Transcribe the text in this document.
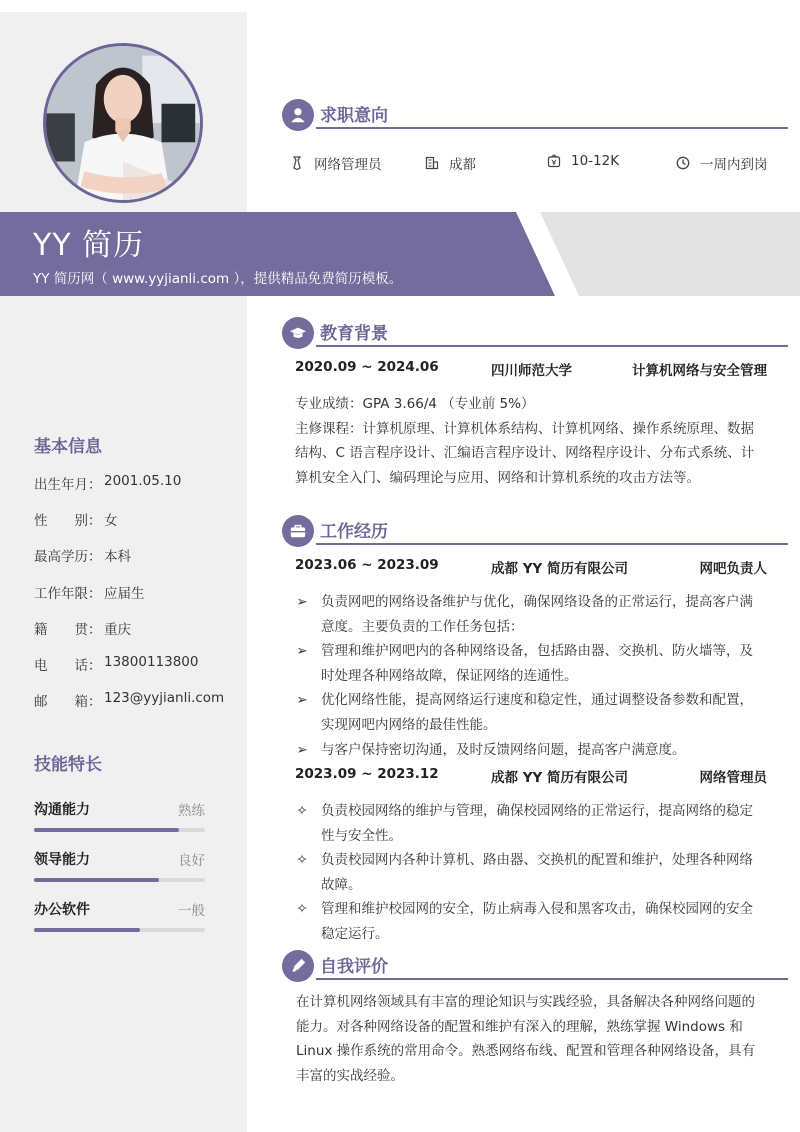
YY 简历
YY 简历网（ www.yyjianli.com ），提供精品免费简历模板。
求职意向
网络管理员	成都	10-12K	一周内到岗
教育背景
2020.09 ~ 2024.06	四川师范大学	计算机网络与安全管理
专业成绩：GPA 3.66/4 （专业前 5%）
主修课程：计算机原理、计算机体系结构、计算机网络、操作系统原理、数据
结构、C 语言程序设计、汇编语言程序设计、网络程序设计、分布式系统、计
算机安全入门、编码理论与应用、网络和计算机系统的攻击方法等。
工作经历
2023.06 ~ 2023.09	成都 YY 简历有限公司	网吧负责人
➢ 负责网吧的网络设备维护与优化，确保网络设备的正常运行，提高客户满
意度。主要负责的工作任务包括：
➢ 管理和维护网吧内的各种网络设备，包括路由器、交换机、防火墙等，及
时处理各种网络故障，保证网络的连通性。
➢ 优化网络性能，提高网络运行速度和稳定性，通过调整设备参数和配置，
实现网吧内网络的最佳性能。
➢ 与客户保持密切沟通，及时反馈网络问题，提高客户满意度。
2023.09 ~ 2023.12	成都 YY 简历有限公司	网络管理员
✧ 负责校园网络的维护与管理，确保校园网络的正常运行，提高网络的稳定
性与安全性。
✧ 负责校园网内各种计算机、路由器、交换机的配置和维护，处理各种网络
故障。
✧ 管理和维护校园网的安全，防止病毒入侵和黑客攻击，确保校园网的安全
稳定运行。
自我评价
在计算机网络领域具有丰富的理论知识与实践经验，具备解决各种网络问题的
能力。对各种网络设备的配置和维护有深入的理解，熟练掌握 Windows 和
Linux 操作系统的常用命令。熟悉网络布线、配置和管理各种网络设备，具有
丰富的实战经验。
基本信息
出生年月： 2001.05.10
性　　别： 女
最高学历： 本科
工作年限： 应届生
籍　　贯： 重庆
电　　话： 13800113800
邮　　箱： 123@yyjianli.com
技能特长
沟通能力	熟练
领导能力	良好
办公软件	一般
